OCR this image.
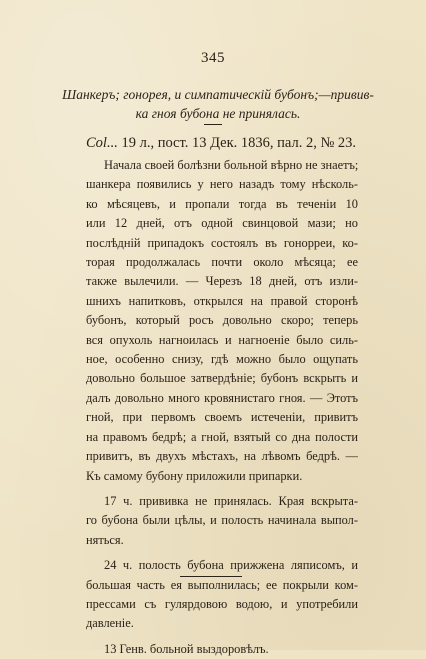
345
Шанкеръ; гонорея, и симпатическій бубонъ;—привив-
ка гноя бубона не принялась.
Col... 19 л., пост. 13 Дек. 1836, пал. 2, № 23.
Начала своей болѣзни больной вѣрно не знаетъ;
шанкера появились у него назадъ тому нѣсколь-
ко мѣсяцевъ, и пропали тогда въ теченіи 10
или 12 дней, отъ одной свинцовой мази; но
послѣдній припадокъ состоялъ въ гонорреи, ко-
торая продолжалась почти около мѣсяца; ее
также вылечили. — Черезъ 18 дней, отъ изли-
шнихъ напитковъ, открылся на правой сторонѣ
бубонъ, который росъ довольно скоро; теперь
вся опухоль нагноилась и нагноеніе было силь-
ное, особенно снизу, гдѣ можно было ощупать
довольно большое затвердѣніе; бубонъ вскрыть и
далъ довольно много кровянистаго гноя. — Этотъ
гной, при первомъ своемъ истеченіи, привитъ
на правомъ бедрѣ; а гной, взятый со дна полости
привитъ, въ двухъ мѣстахъ, на лѣвомъ бедрѣ. —
Къ самому бубону приложили припарки.
17 ч. прививка не принялась. Края вскрыта-
го бубона были цѣлы, и полость начинала выпол-
няться.
24 ч. полость бубона прижжена ляписомъ, и
большая часть ея выполнилась; ее покрыли ком-
прессами съ гулярдовою водою, и употребили
давленіе.
13 Генв. больной выздоровѣлъ.
